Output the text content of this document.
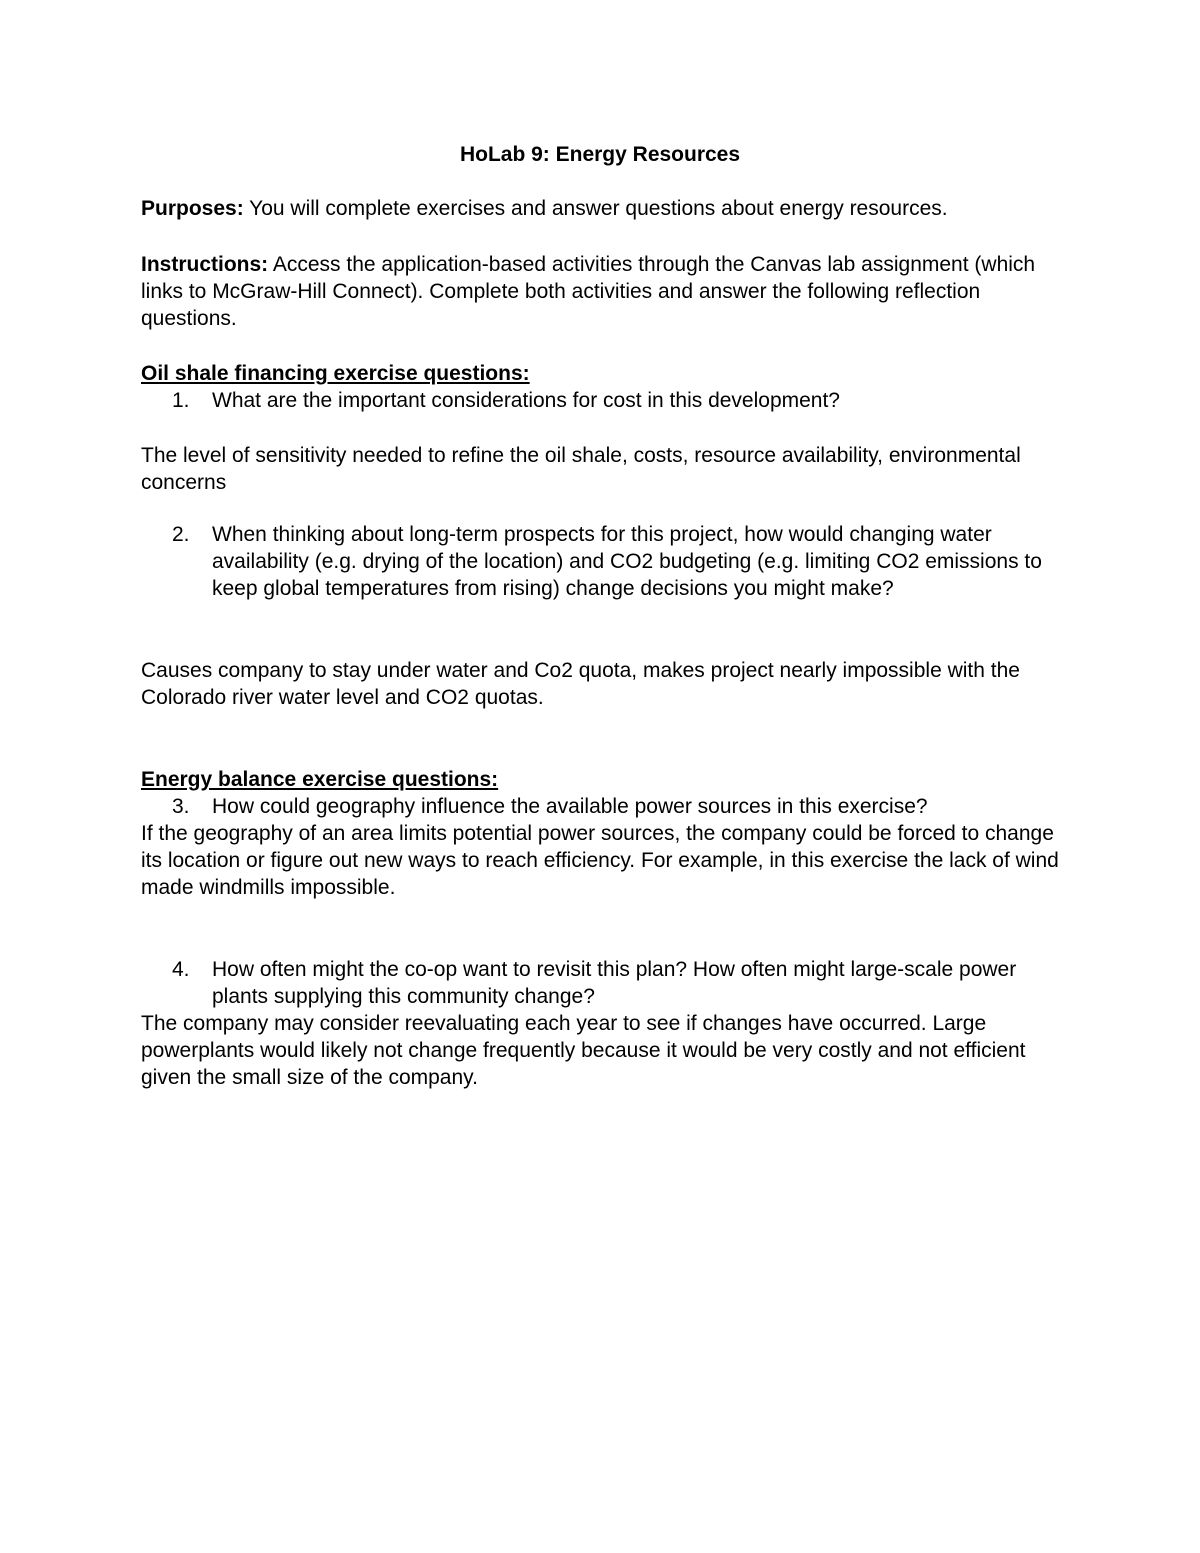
HoLab 9: Energy Resources
Purposes: You will complete exercises and answer questions about energy resources.
Instructions: Access the application-based activities through the Canvas lab assignment (which links to McGraw-Hill Connect). Complete both activities and answer the following reflection questions.
Oil shale financing exercise questions:
1.	What are the important considerations for cost in this development?
The level of sensitivity needed to refine the oil shale, costs, resource availability, environmental concerns
2.	When thinking about long-term prospects for this project, how would changing water availability (e.g. drying of the location) and CO2 budgeting (e.g. limiting CO2 emissions to keep global temperatures from rising) change decisions you might make?
Causes company to stay under water and Co2 quota, makes project nearly impossible with the Colorado river water level and CO2 quotas.
Energy balance exercise questions:
3.	How could geography influence the available power sources in this exercise?
If the geography of an area limits potential power sources, the company could be forced to change its location or figure out new ways to reach efficiency. For example, in this exercise the lack of wind made windmills impossible.
4.	How often might the co-op want to revisit this plan? How often might large-scale power plants supplying this community change?
The company may consider reevaluating each year to see if changes have occurred. Large powerplants would likely not change frequently because it would be very costly and not efficient given the small size of the company.
